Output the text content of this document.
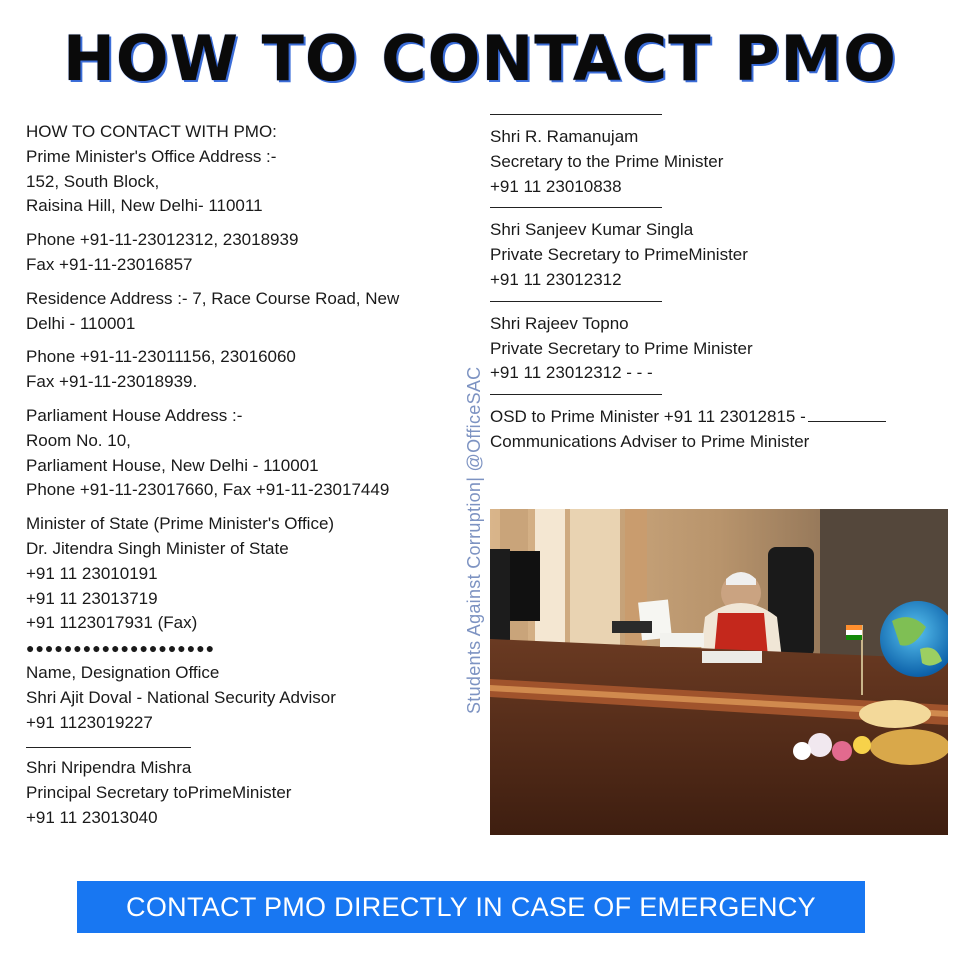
HOW TO CONTACT PMO
HOW TO CONTACT WITH PMO:
Prime Minister's Office Address :-
152, South Block,
Raisina Hill, New Delhi- 110011
Phone +91-11-23012312, 23018939
Fax +91-11-23016857
Residence Address :- 7, Race Course Road, New
Delhi - 110001
Phone +91-11-23011156, 23016060
Fax +91-11-23018939.
Parliament House Address :-
Room No. 10,
Parliament House, New Delhi - 110001
Phone +91-11-23017660, Fax +91-11-23017449
Minister of State (Prime Minister's Office)
Dr. Jitendra Singh Minister of State
+91 11 23010191
+91 11 23013719
+91 1123017931 (Fax)
●●●●●●●●●●●●●●●●●●●●
Name, Designation Office
Shri Ajit Doval - National Security Advisor
+91 1123019227
Shri Nripendra Mishra
Principal Secretary toPrimeMinister
+91 11 23013040
Shri R. Ramanujam
Secretary to the Prime Minister
+91 11 23010838
Shri Sanjeev Kumar Singla
Private Secretary to PrimeMinister
+91 11 23012312
Shri Rajeev Topno
Private Secretary to Prime Minister
+91 11 23012312 - - -
OSD to Prime Minister +91 11 23012815 -
Communications Adviser to Prime Minister
Students Against Corruption| @OfficeSAC
CONTACT PMO DIRECTLY IN CASE OF EMERGENCY
